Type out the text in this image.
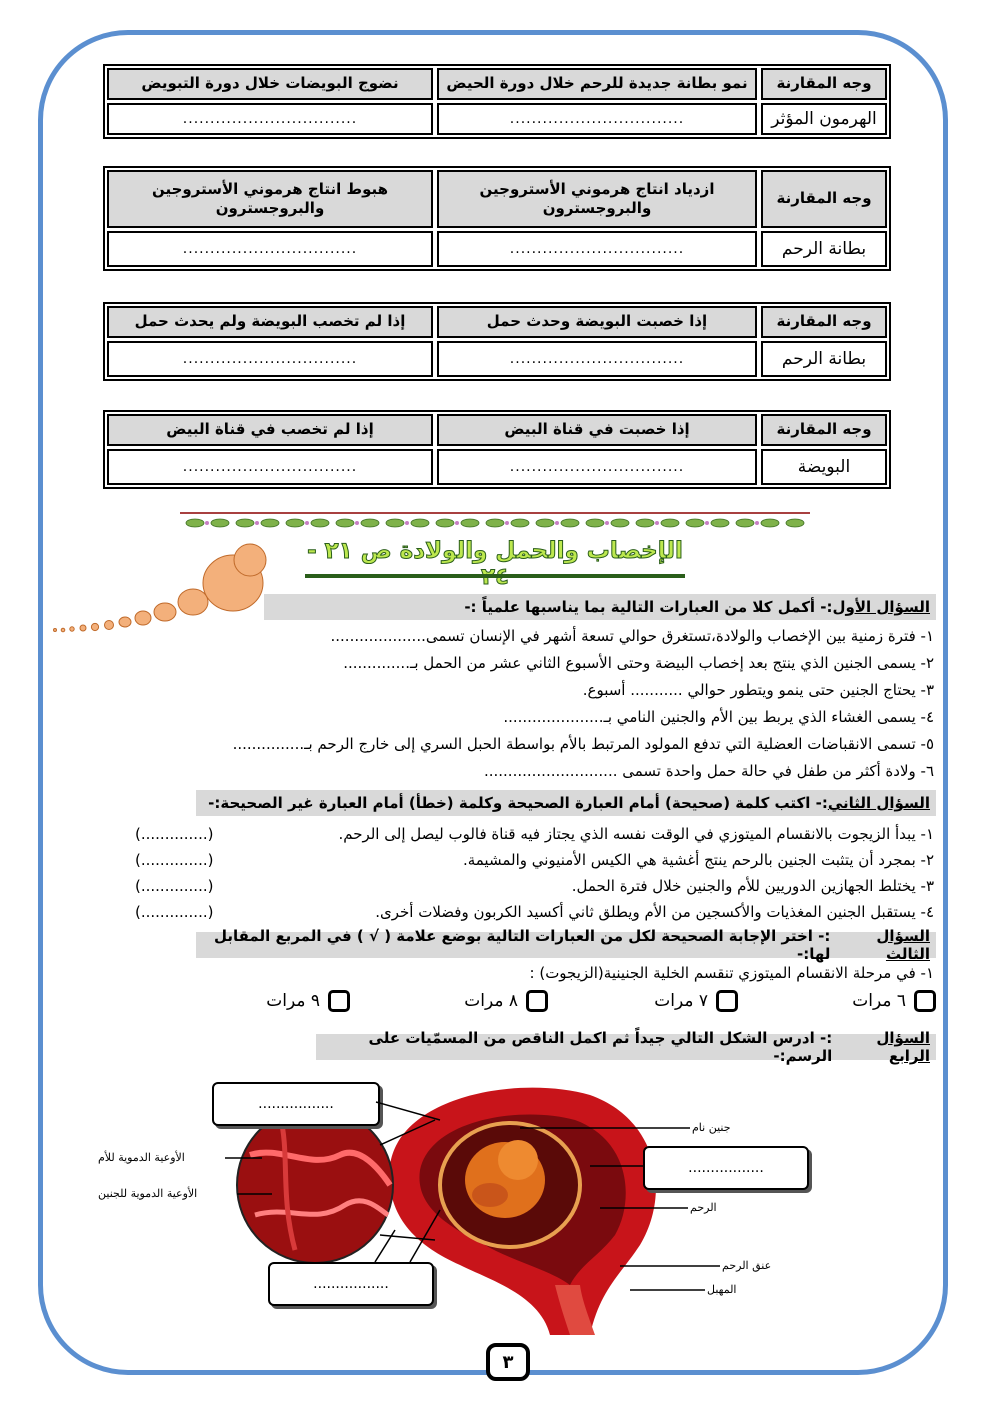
وجه المقارنة
نمو بطانة جديدة للرحم خلال دورة الحيض
نضوج البويضات خلال دورة التبويض
الهرمون المؤثر
................................
................................
وجه المقارنة
ازدياد انتاج هرموني الأستروجين والبروجسترون
هبوط انتاج هرموني الأستروجين والبروجسترون
بطانة الرحم
................................
................................
وجه المقارنة
إذا خصبت البويضة وحدث حمل
إذا لم تخصب البويضة ولم يحدث حمل
بطانة الرحم
................................
................................
وجه المقارنة
إذا خصبت في قناة البيض
إذا لم تخصب في قناة البيض
البويضة
................................
................................
الإخصاب والحمل والولادة ص ٢١ -
السؤال الأول
:- أكمل كلا من العبارات التالية بما يناسبها علمياً :-
١- فترة زمنية بين الإخصاب والولادة،تستغرق حوالي تسعة أشهر في الإنسان تسمى....................
٢- يسمى الجنين الذي ينتج بعد إخصاب البيضة وحتى الأسبوع الثاني عشر من الحمل بـ..............
٣- يحتاج الجنين حتى ينمو ويتطور حوالي ........... أسبوع.
٤- يسمى الغشاء الذي يربط بين الأم والجنين النامي بـ.....................
٥- تسمى الانقباضات العضلية التي تدفع المولود المرتبط بالأم بواسطة الحبل السري إلى خارج الرحم بـ...............
٦- ولادة أكثر من طفل في حالة حمل واحدة تسمى ............................
السؤال الثاني
:- اكتب كلمة (صحيحة) أمام العبارة الصحيحة وكلمة (خطأ) أمام العبارة غير الصحيحة:-
١- يبدأ الزيجوت بالانقسام الميتوزي في الوقت نفسه الذي يجتاز فيه قناة فالوب ليصل إلى الرحم.
(..............)
٢- بمجرد أن يتثبت الجنين بالرحم ينتج أغشية هي الكيس الأمنيوني والمشيمة.
(..............)
٣- يختلط الجهازين الدوريين للأم والجنين خلال فترة الحمل.
(..............)
٤- يستقبل الجنين المغذيات والأكسجين من الأم ويطلق ثاني أكسيد الكربون وفضلات أخرى.
(..............)
السؤال الثالث
:- اختر الإجابة الصحيحة لكل من العبارات التالية بوضع علامة ( √ ) في المربع المقابل لها:-
١- في مرحلة الانقسام الميتوزي تنقسم الخلية الجنينية(الزيجوت) :
٦ مرات
٧ مرات
٨ مرات
٩ مرات
السؤال الرابع
:- ادرس الشكل التالي جيداً ثم اكمل الناقص من المسمّيات على الرسم:-
.................
.................
.................
الأوعية الدموية للأم
الأوعية الدموية للجنين
جنين نام
الرحم
عنق الرحم
المهبل
٣
